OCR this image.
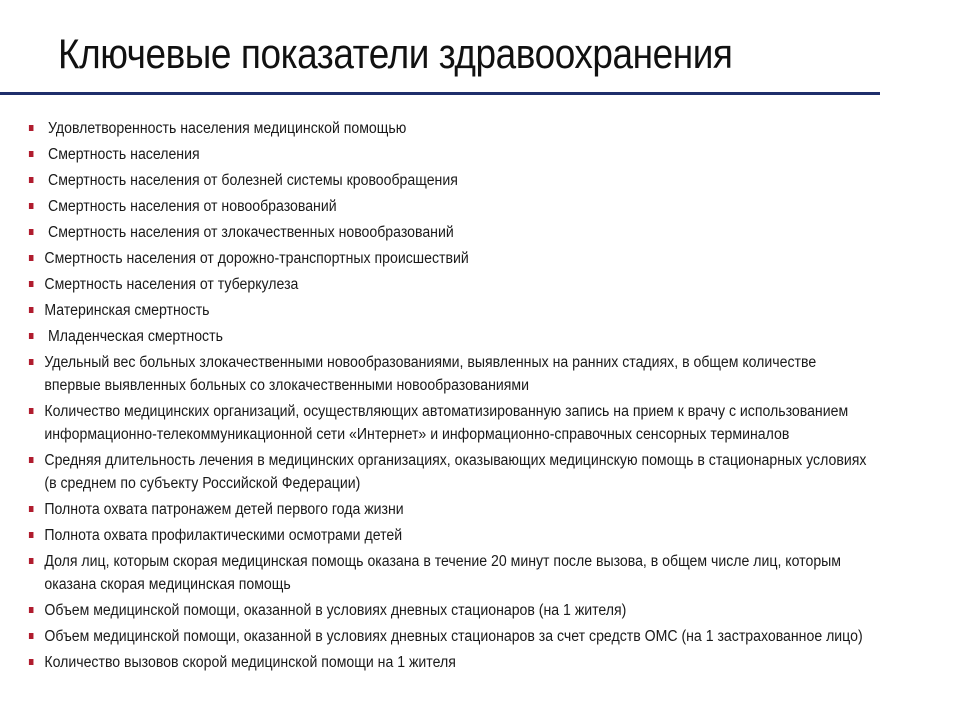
Ключевые показатели здравоохранения
Удовлетворенность населения медицинской помощью
Смертность населения
Смертность населения от болезней системы кровообращения
Смертность населения от новообразований
Смертность населения от злокачественных новообразований
Смертность населения от дорожно-транспортных происшествий
Смертность населения от туберкулеза
Материнская смертность
Младенческая смертность
Удельный вес больных злокачественными новообразованиями, выявленных на ранних стадиях, в общем количестве
впервые выявленных больных со злокачественными новообразованиями
Количество медицинских организаций, осуществляющих автоматизированную запись на прием к врачу с использованием
информационно-телекоммуникационной сети «Интернет» и информационно-справочных сенсорных терминалов
Средняя длительность лечения в медицинских организациях, оказывающих медицинскую помощь в стационарных условиях
(в среднем по субъекту Российской Федерации)
Полнота охвата патронажем детей первого года жизни
Полнота охвата профилактическими осмотрами детей
Доля лиц, которым скорая медицинская помощь оказана в течение 20 минут после вызова, в общем числе лиц, которым
оказана скорая медицинская помощь
Объем медицинской помощи, оказанной в условиях дневных стационаров (на 1 жителя)
Объем медицинской помощи, оказанной в условиях дневных стационаров за счет средств ОМС (на 1 застрахованное лицо)
Количество вызовов скорой медицинской помощи на 1 жителя
